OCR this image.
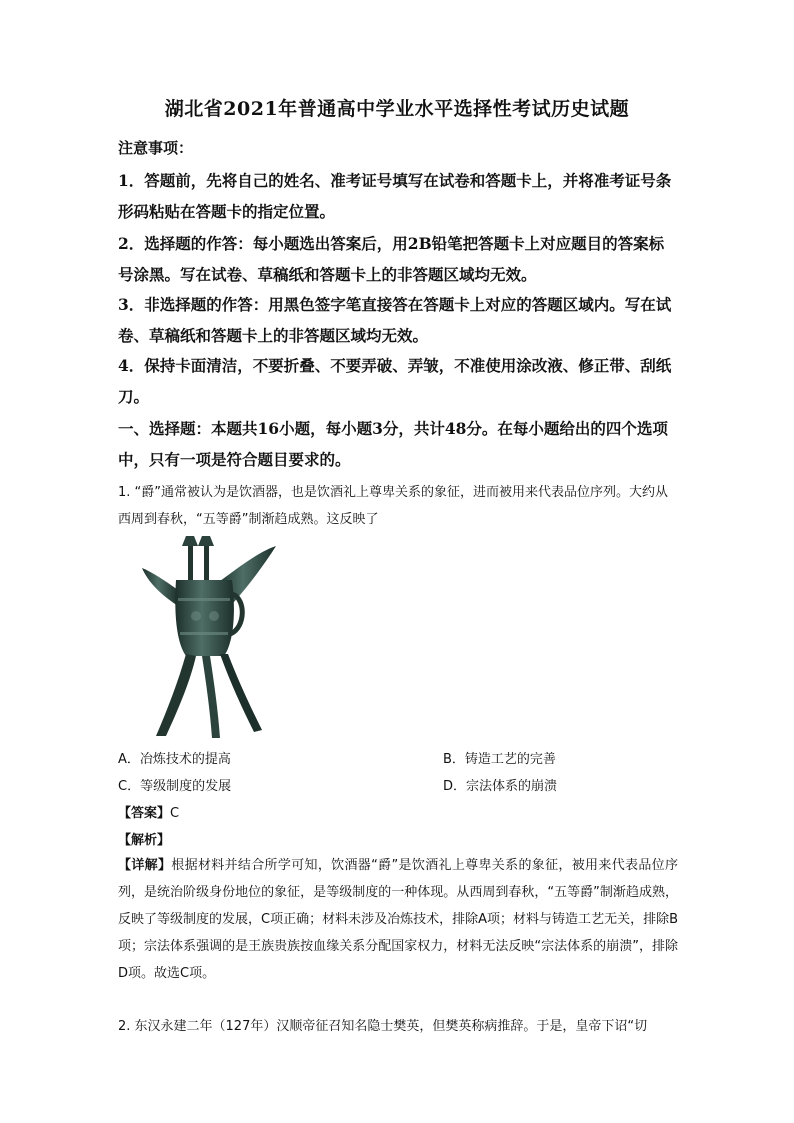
湖北省2021年普通高中学业水平选择性考试历史试题
注意事项：
1．答题前，先将自己的姓名、准考证号填写在试卷和答题卡上，并将准考证号条形码粘贴在答题卡的指定位置。
2．选择题的作答：每小题选出答案后，用2B铅笔把答题卡上对应题目的答案标号涂黑。写在试卷、草稿纸和答题卡上的非答题区域均无效。
3．非选择题的作答：用黑色签字笔直接答在答题卡上对应的答题区域内。写在试卷、草稿纸和答题卡上的非答题区域均无效。
4．保持卡面清洁，不要折叠、不要弄破、弄皱，不准使用涂改液、修正带、刮纸刀。
一、选择题：本题共16小题，每小题3分，共计48分。在每小题给出的四个选项中，只有一项是符合题目要求的。
1. “爵”通常被认为是饮酒器，也是饮酒礼上尊卑关系的象征，进而被用来代表品位序列。大约从西周到春秋，“五等爵”制渐趋成熟。这反映了
A．冶炼技术的提高	B．铸造工艺的完善
C．等级制度的发展	D．宗法体系的崩溃
【答案】C
【解析】
【详解】根据材料并结合所学可知，饮酒器“爵”是饮酒礼上尊卑关系的象征，被用来代表品位序列，是统治阶级身份地位的象征，是等级制度的一种体现。从西周到春秋，“五等爵”制渐趋成熟，反映了等级制度的发展，C项正确；材料未涉及冶炼技术，排除A项；材料与铸造工艺无关，排除B项；宗法体系强调的是王族贵族按血缘关系分配国家权力，材料无法反映“宗法体系的崩溃”，排除D项。故选C项。
2. 东汉永建二年（127年）汉顺帝征召知名隐士樊英，但樊英称病推辞。于是，皇帝下诏“切
